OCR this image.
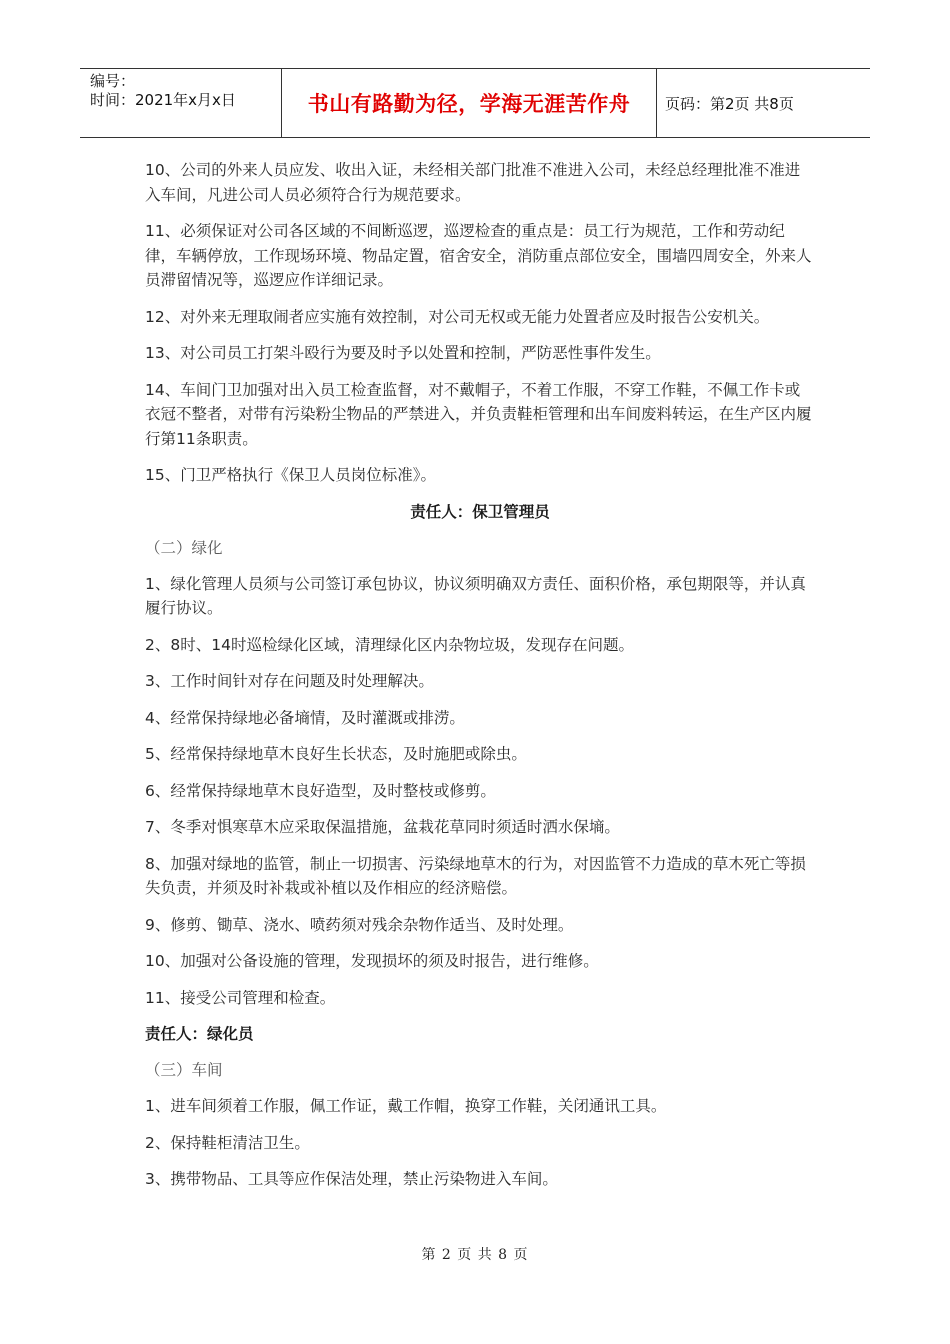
编号：
时间：2021年x月x日	书山有路勤为径，学海无涯苦作舟	页码：第2页 共8页

10、公司的外来人员应发、收出入证，未经相关部门批准不准进入公司，未经总经理批准不准进入车间，凡进公司人员必须符合行为规范要求。

11、必须保证对公司各区域的不间断巡逻，巡逻检查的重点是：员工行为规范，工作和劳动纪律，车辆停放，工作现场环境、物品定置，宿舍安全，消防重点部位安全，围墙四周安全，外来人员滞留情况等，巡逻应作详细记录。

12、对外来无理取闹者应实施有效控制，对公司无权或无能力处置者应及时报告公安机关。

13、对公司员工打架斗殴行为要及时予以处置和控制，严防恶性事件发生。

14、车间门卫加强对出入员工检查监督，对不戴帽子，不着工作服，不穿工作鞋，不佩工作卡或衣冠不整者，对带有污染粉尘物品的严禁进入，并负责鞋柜管理和出车间废料转运，在生产区内履行第11条职责。

15、门卫严格执行《保卫人员岗位标准》。

责任人：保卫管理员

（二）绿化

1、绿化管理人员须与公司签订承包协议，协议须明确双方责任、面积价格，承包期限等，并认真履行协议。

2、8时、14时巡检绿化区域，清理绿化区内杂物垃圾，发现存在问题。

3、工作时间针对存在问题及时处理解决。

4、经常保持绿地必备墒情，及时灌溉或排涝。

5、经常保持绿地草木良好生长状态，及时施肥或除虫。

6、经常保持绿地草木良好造型，及时整枝或修剪。

7、冬季对惧寒草木应采取保温措施，盆栽花草同时须适时洒水保墒。

8、加强对绿地的监管，制止一切损害、污染绿地草木的行为，对因监管不力造成的草木死亡等损失负责，并须及时补栽或补植以及作相应的经济赔偿。

9、修剪、锄草、浇水、喷药须对残余杂物作适当、及时处理。

10、加强对公备设施的管理，发现损坏的须及时报告，进行维修。

11、接受公司管理和检查。

责任人：绿化员

（三）车间

1、进车间须着工作服，佩工作证，戴工作帽，换穿工作鞋，关闭通讯工具。

2、保持鞋柜清洁卫生。

3、携带物品、工具等应作保洁处理，禁止污染物进入车间。

第 2 页 共 8 页
